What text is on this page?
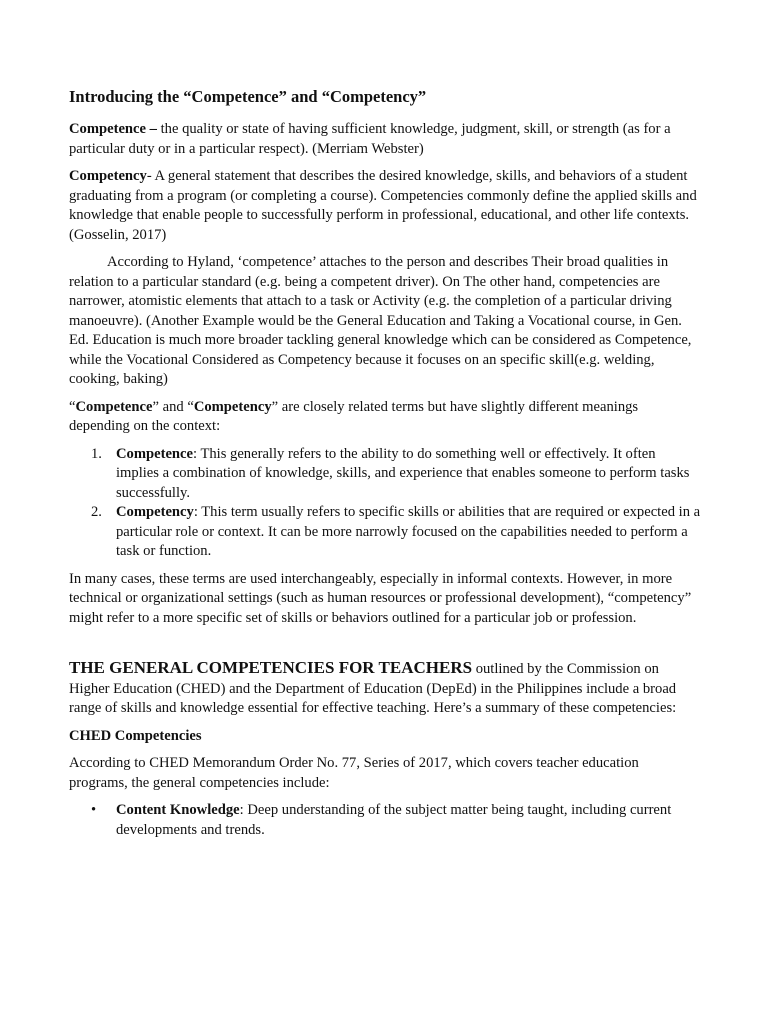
Introducing the “Competence” and “Competency”

Competence – the quality or state of having sufficient knowledge, judgment, skill, or strength (as for a particular duty or in a particular respect). (Merriam Webster)

Competency- A general statement that describes the desired knowledge, skills, and behaviors of a student graduating from a program (or completing a course). Competencies commonly define the applied skills and knowledge that enable people to successfully perform in professional, educational, and other life contexts. (Gosselin, 2017)

According to Hyland, ‘competence’ attaches to the person and describes Their broad qualities in relation to a particular standard (e.g. being a competent driver). On The other hand, competencies are narrower, atomistic elements that attach to a task or Activity (e.g. the completion of a particular driving manoeuvre). (Another Example would be the General Education and Taking a Vocational course, in Gen. Ed. Education is much more broader tackling general knowledge which can be considered as Competence, while the Vocational Considered as Competency because it focuses on an specific skill(e.g. welding, cooking, baking)

“Competence” and “Competency” are closely related terms but have slightly different meanings depending on the context:

1. Competence: This generally refers to the ability to do something well or effectively. It often implies a combination of knowledge, skills, and experience that enables someone to perform tasks successfully.
2. Competency: This term usually refers to specific skills or abilities that are required or expected in a particular role or context. It can be more narrowly focused on the capabilities needed to perform a task or function.

In many cases, these terms are used interchangeably, especially in informal contexts. However, in more technical or organizational settings (such as human resources or professional development), “competency” might refer to a more specific set of skills or behaviors outlined for a particular job or profession.

THE GENERAL COMPETENCIES FOR TEACHERS outlined by the Commission on Higher Education (CHED) and the Department of Education (DepEd) in the Philippines include a broad range of skills and knowledge essential for effective teaching. Here’s a summary of these competencies:

CHED Competencies

According to CHED Memorandum Order No. 77, Series of 2017, which covers teacher education programs, the general competencies include:

• Content Knowledge: Deep understanding of the subject matter being taught, including current developments and trends.
